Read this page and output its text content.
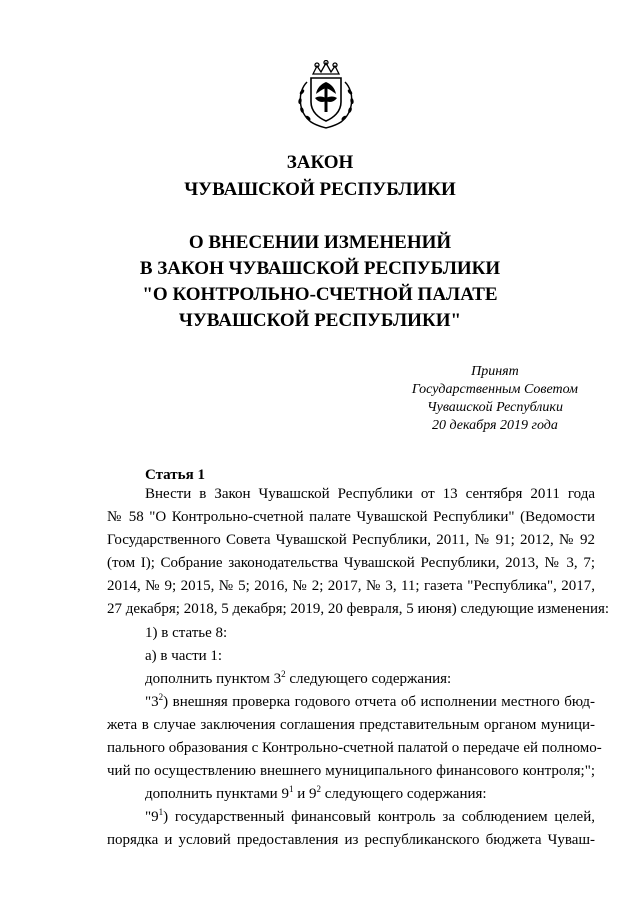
ЗАКОН
ЧУВАШСКОЙ РЕСПУБЛИКИ
О ВНЕСЕНИИ ИЗМЕНЕНИЙ
В ЗАКОН ЧУВАШСКОЙ РЕСПУБЛИКИ
"О КОНТРОЛЬНО-СЧЕТНОЙ ПАЛАТЕ
ЧУВАШСКОЙ РЕСПУБЛИКИ"
Принят
Государственным Советом
Чувашской Республики
20 декабря 2019 года
Статья 1
Внести в Закон Чувашской Республики от 13 сентября 2011 года
№ 58 "О Контрольно-счетной палате Чувашской Республики" (Ведомости
Государственного Совета Чувашской Республики, 2011, № 91; 2012, № 92
(том I); Собрание законодательства Чувашской Республики, 2013, № 3, 7;
2014, № 9; 2015, № 5; 2016, № 2; 2017, № 3, 11; газета "Республика", 2017,
27 декабря; 2018, 5 декабря; 2019, 20 февраля, 5 июня) следующие изменения:
1) в статье 8:
а) в части 1:
дополнить пунктом $3^2$ следующего содержания:
"$3^2$) внешняя проверка годового отчета об исполнении местного бюд-
жета в случае заключения соглашения представительным органом муници-
пального образования с Контрольно-счетной палатой о передаче ей полномо-
чий по осуществлению внешнего муниципального финансового контроля;";
дополнить пунктами $9^1$ и $9^2$ следующего содержания:
"$9^1$) государственный финансовый контроль за соблюдением целей,
порядка и условий предоставления из республиканского бюджета Чуваш-
